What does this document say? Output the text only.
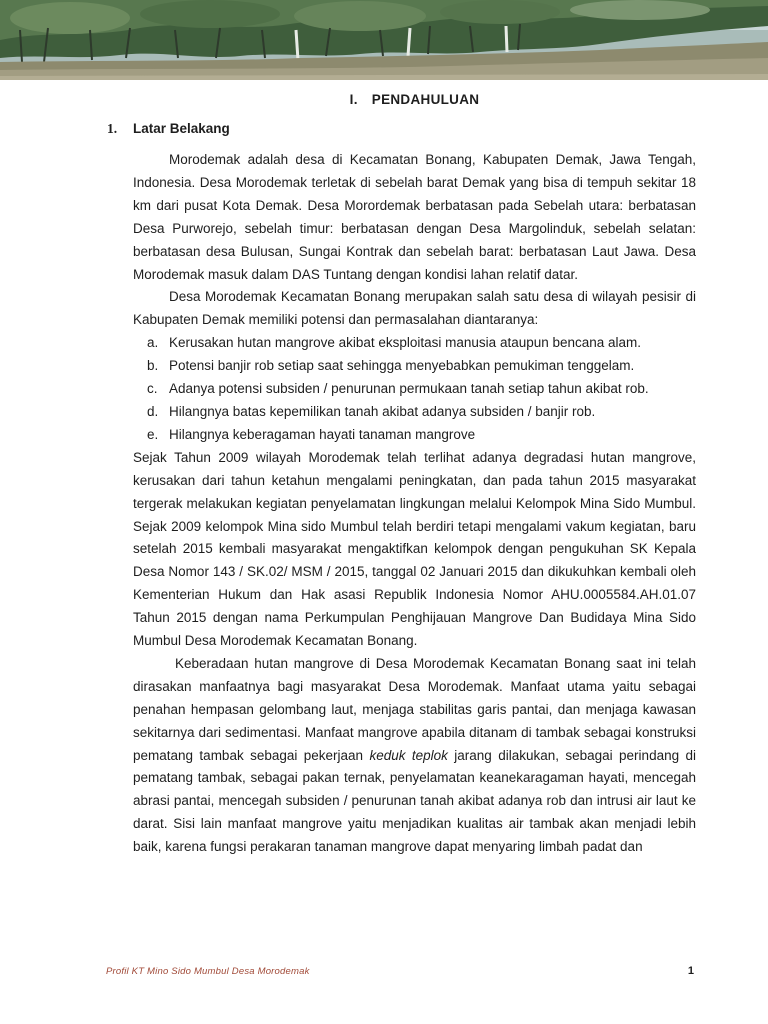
I. PENDAHULUAN
1. Latar Belakang

Morodemak adalah desa di Kecamatan Bonang, Kabupaten Demak, Jawa Tengah, Indonesia. Desa Morodemak terletak di sebelah barat Demak yang bisa di tempuh sekitar 18 km dari pusat Kota Demak. Desa Morordemak berbatasan pada Sebelah utara: berbatasan Desa Purworejo, sebelah timur: berbatasan dengan Desa Margolinduk, sebelah selatan: berbatasan desa Bulusan, Sungai Kontrak dan sebelah barat: berbatasan Laut Jawa. Desa Morodemak masuk dalam DAS Tuntang dengan kondisi lahan relatif datar.

Desa Morodemak Kecamatan Bonang merupakan salah satu desa di wilayah pesisir di Kabupaten Demak memiliki potensi dan permasalahan diantaranya:

a. Kerusakan hutan mangrove akibat eksploitasi manusia ataupun bencana alam.
b. Potensi banjir rob setiap saat sehingga menyebabkan pemukiman tenggelam.
c. Adanya potensi subsiden / penurunan permukaan tanah setiap tahun akibat rob.
d. Hilangnya batas kepemilikan tanah akibat adanya subsiden / banjir rob.
e. Hilangnya keberagaman hayati tanaman mangrove

Sejak Tahun 2009 wilayah Morodemak telah terlihat adanya degradasi hutan mangrove, kerusakan dari tahun ketahun mengalami peningkatan, dan pada tahun 2015 masyarakat tergerak melakukan kegiatan penyelamatan lingkungan melalui Kelompok Mina Sido Mumbul. Sejak 2009 kelompok Mina sido Mumbul telah berdiri tetapi mengalami vakum kegiatan, baru setelah 2015 kembali masyarakat mengaktifkan kelompok dengan pengukuhan SK Kepala Desa Nomor 143 / SK.02/ MSM / 2015, tanggal 02 Januari 2015 dan dikukuhkan kembali oleh Kementerian Hukum dan Hak asasi Republik Indonesia Nomor AHU.0005584.AH.01.07 Tahun 2015 dengan nama Perkumpulan Penghijauan Mangrove Dan Budidaya Mina Sido Mumbul Desa Morodemak Kecamatan Bonang.

Keberadaan hutan mangrove di Desa Morodemak Kecamatan Bonang saat ini telah dirasakan manfaatnya bagi masyarakat Desa Morodemak. Manfaat utama yaitu sebagai penahan hempasan gelombang laut, menjaga stabilitas garis pantai, dan menjaga kawasan sekitarnya dari sedimentasi. Manfaat mangrove apabila ditanam di tambak sebagai konstruksi pematang tambak sebagai pekerjaan keduk teplok jarang dilakukan, sebagai perindang di pematang tambak, sebagai pakan ternak, penyelamatan keanekaragaman hayati, mencegah abrasi pantai, mencegah subsiden / penurunan tanah akibat adanya rob dan intrusi air laut ke darat. Sisi lain manfaat mangrove yaitu menjadikan kualitas air tambak akan menjadi lebih baik, karena fungsi perakaran tanaman mangrove dapat menyaring limbah padat dan

Profil KT Mino Sido Mumbul Desa Morodemak	1
